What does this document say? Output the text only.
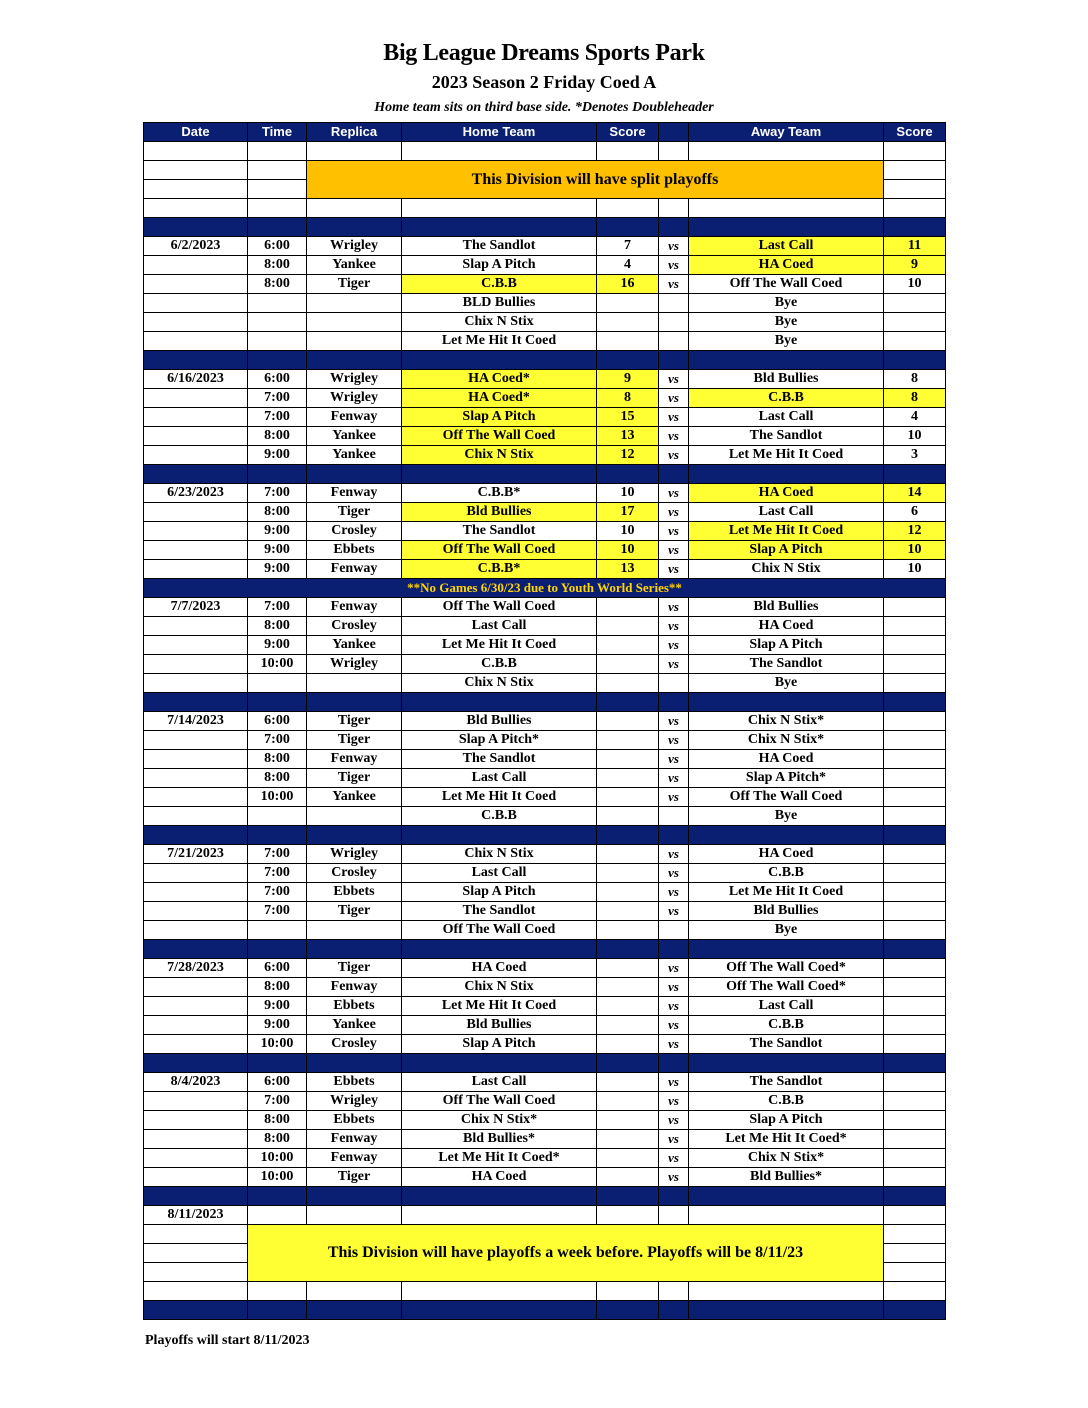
Big League Dreams Sports Park
2023 Season 2 Friday Coed A
Home team sits on third base side. *Denotes Doubleheader
Date	Time	Replica	Home Team	Score		Away Team	Score

		This Division will have split playoffs					

6/2/2023	6:00	Wrigley	The Sandlot	7	vs	Last Call	11
	8:00	Yankee	Slap A Pitch	4	vs	HA Coed	9
	8:00	Tiger	C.B.B	16	vs	Off The Wall Coed	10
			BLD Bullies			Bye	
			Chix N Stix			Bye	
			Let Me Hit It Coed			Bye	

6/16/2023	6:00	Wrigley	HA Coed*	9	vs	Bld Bullies	8
	7:00	Wrigley	HA Coed*	8	vs	C.B.B	8
	7:00	Fenway	Slap A Pitch	15	vs	Last Call	4
	8:00	Yankee	Off The Wall Coed	13	vs	The Sandlot	10
	9:00	Yankee	Chix N Stix	12	vs	Let Me Hit It Coed	3

6/23/2023	7:00	Fenway	C.B.B*	10	vs	HA Coed	14
	8:00	Tiger	Bld Bullies	17	vs	Last Call	6
	9:00	Crosley	The Sandlot	10	vs	Let Me Hit It Coed	12
	9:00	Ebbets	Off The Wall Coed	10	vs	Slap A Pitch	10
	9:00	Fenway	C.B.B*	13	vs	Chix N Stix	10
**No Games 6/30/23 due to Youth World Series**							
7/7/2023	7:00	Fenway	Off The Wall Coed		vs	Bld Bullies	
	8:00	Crosley	Last Call		vs	HA Coed	
	9:00	Yankee	Let Me Hit It Coed		vs	Slap A Pitch	
	10:00	Wrigley	C.B.B		vs	The Sandlot	
			Chix N Stix			Bye	

7/14/2023	6:00	Tiger	Bld Bullies		vs	Chix N Stix*	
	7:00	Tiger	Slap A Pitch*		vs	Chix N Stix*	
	8:00	Fenway	The Sandlot		vs	HA Coed	
	8:00	Tiger	Last Call		vs	Slap A Pitch*	
	10:00	Yankee	Let Me Hit It Coed		vs	Off The Wall Coed	
			C.B.B			Bye	

7/21/2023	7:00	Wrigley	Chix N Stix		vs	HA Coed	
	7:00	Crosley	Last Call		vs	C.B.B	
	7:00	Ebbets	Slap A Pitch		vs	Let Me Hit It Coed	
	7:00	Tiger	The Sandlot		vs	Bld Bullies	
			Off The Wall Coed			Bye	

7/28/2023	6:00	Tiger	HA Coed		vs	Off The Wall Coed*	
	8:00	Fenway	Chix N Stix		vs	Off The Wall Coed*	
	9:00	Ebbets	Let Me Hit It Coed		vs	Last Call	
	9:00	Yankee	Bld Bullies		vs	C.B.B	
	10:00	Crosley	Slap A Pitch		vs	The Sandlot	

8/4/2023	6:00	Ebbets	Last Call		vs	The Sandlot	
	7:00	Wrigley	Off The Wall Coed		vs	C.B.B	
	8:00	Ebbets	Chix N Stix*		vs	Slap A Pitch	
	8:00	Fenway	Bld Bullies*		vs	Let Me Hit It Coed*	
	10:00	Fenway	Let Me Hit It Coed*		vs	Chix N Stix*	
	10:00	Tiger	HA Coed		vs	Bld Bullies*	

8/11/2023							
	This Division will have playoffs a week before. Playoffs will be 8/11/23						

Playoffs will start 8/11/2023
